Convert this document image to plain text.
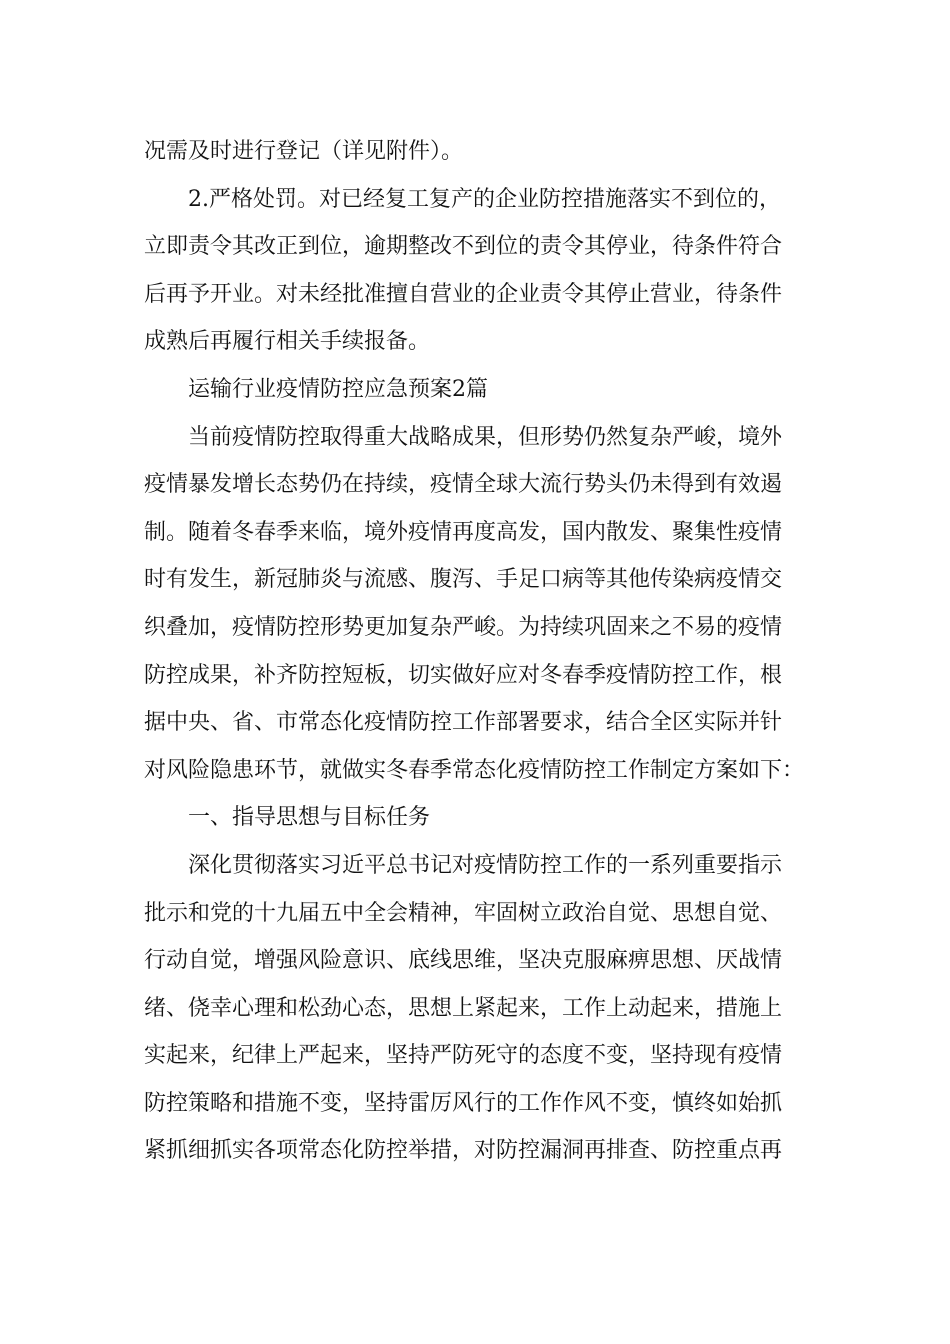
况需及时进行登记（详见附件）。
2.严格处罚。对已经复工复产的企业防控措施落实不到位的，
立即责令其改正到位，逾期整改不到位的责令其停业，待条件符合
后再予开业。对未经批准擅自营业的企业责令其停止营业，待条件
成熟后再履行相关手续报备。
运输行业疫情防控应急预案2篇
当前疫情防控取得重大战略成果，但形势仍然复杂严峻，境外
疫情暴发增长态势仍在持续，疫情全球大流行势头仍未得到有效遏
制。随着冬春季来临，境外疫情再度高发，国内散发、聚集性疫情
时有发生，新冠肺炎与流感、腹泻、手足口病等其他传染病疫情交
织叠加，疫情防控形势更加复杂严峻。为持续巩固来之不易的疫情
防控成果，补齐防控短板，切实做好应对冬春季疫情防控工作，根
据中央、省、市常态化疫情防控工作部署要求，结合全区实际并针
对风险隐患环节，就做实冬春季常态化疫情防控工作制定方案如下：
一、指导思想与目标任务
深化贯彻落实习近平总书记对疫情防控工作的一系列重要指示
批示和党的十九届五中全会精神，牢固树立政治自觉、思想自觉、
行动自觉，增强风险意识、底线思维，坚决克服麻痹思想、厌战情
绪、侥幸心理和松劲心态，思想上紧起来，工作上动起来，措施上
实起来，纪律上严起来，坚持严防死守的态度不变，坚持现有疫情
防控策略和措施不变，坚持雷厉风行的工作作风不变，慎终如始抓
紧抓细抓实各项常态化防控举措，对防控漏洞再排查、防控重点再
